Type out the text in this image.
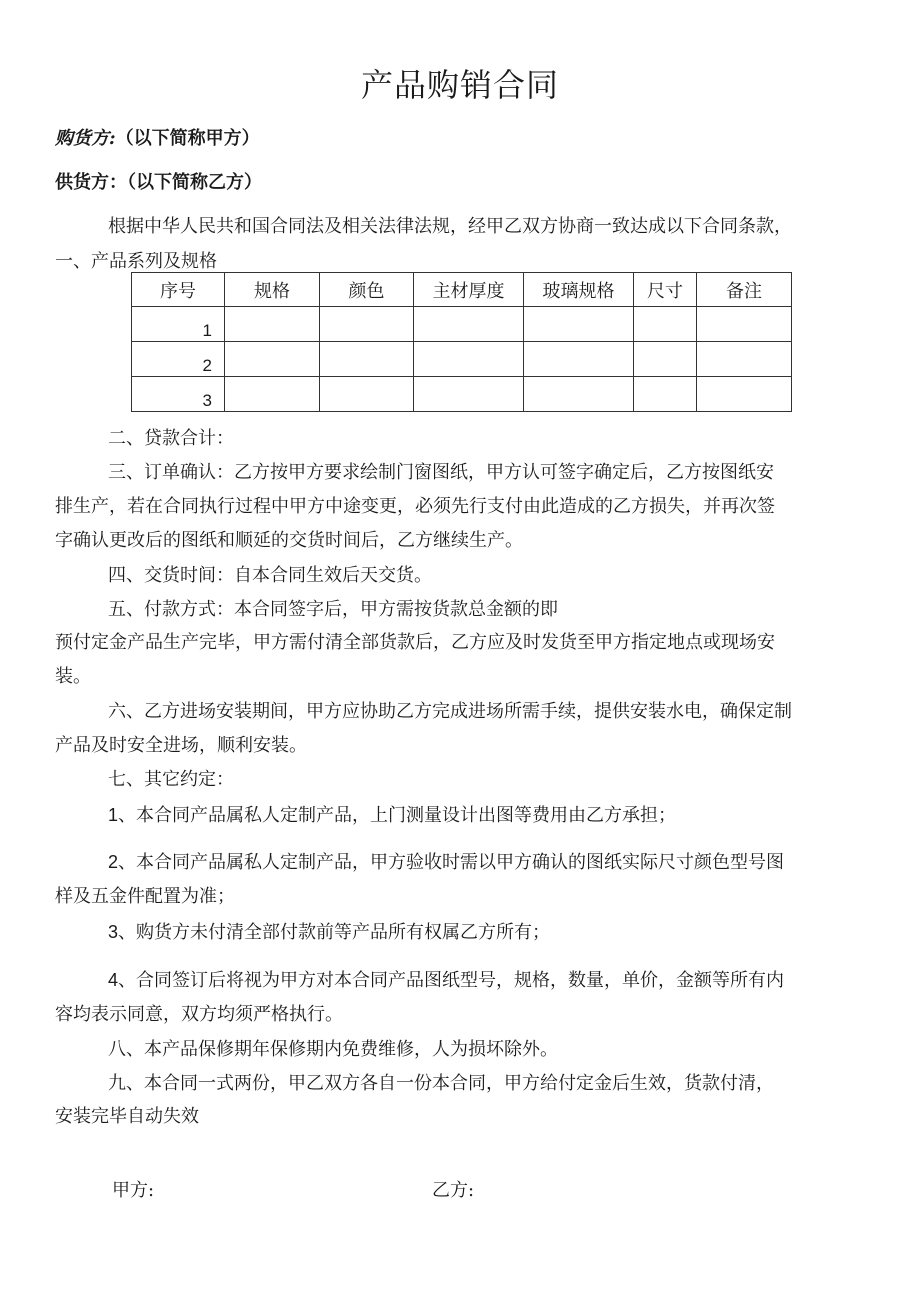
产品购销合同
购货方:（以下简称甲方）
供货方：（以下简称乙方）
根据中华人民共和国合同法及相关法律法规，经甲乙双方协商一致达成以下合同条款，
一、产品系列及规格
序号	规格	颜色	主材厚度	玻璃规格	尺寸	备注
1						
2						
3						
二、贷款合计：
三、订单确认：乙方按甲方要求绘制门窗图纸，甲方认可签字确定后，乙方按图纸安
排生产，若在合同执行过程中甲方中途变更，必须先行支付由此造成的乙方损失，并再次签
字确认更改后的图纸和顺延的交货时间后，乙方继续生产。
四、交货时间：自本合同生效后天交货。
五、付款方式：本合同签字后，甲方需按货款总金额的即
预付定金产品生产完毕，甲方需付清全部货款后，乙方应及时发货至甲方指定地点或现场安
装。
六、乙方进场安装期间，甲方应协助乙方完成进场所需手续，提供安装水电，确保定制
产品及时安全进场，顺利安装。
七、其它约定：
1、本合同产品属私人定制产品，上门测量设计出图等费用由乙方承担；
2、本合同产品属私人定制产品，甲方验收时需以甲方确认的图纸实际尺寸颜色型号图
样及五金件配置为准；
3、购货方未付清全部付款前等产品所有权属乙方所有；
4、合同签订后将视为甲方对本合同产品图纸型号，规格，数量，单价，金额等所有内
容均表示同意，双方均须严格执行。
八、本产品保修期年保修期内免费维修，人为损坏除外。
九、本合同一式两份，甲乙双方各自一份本合同，甲方给付定金后生效，货款付清，
安装完毕自动失效
甲方:	乙方:
